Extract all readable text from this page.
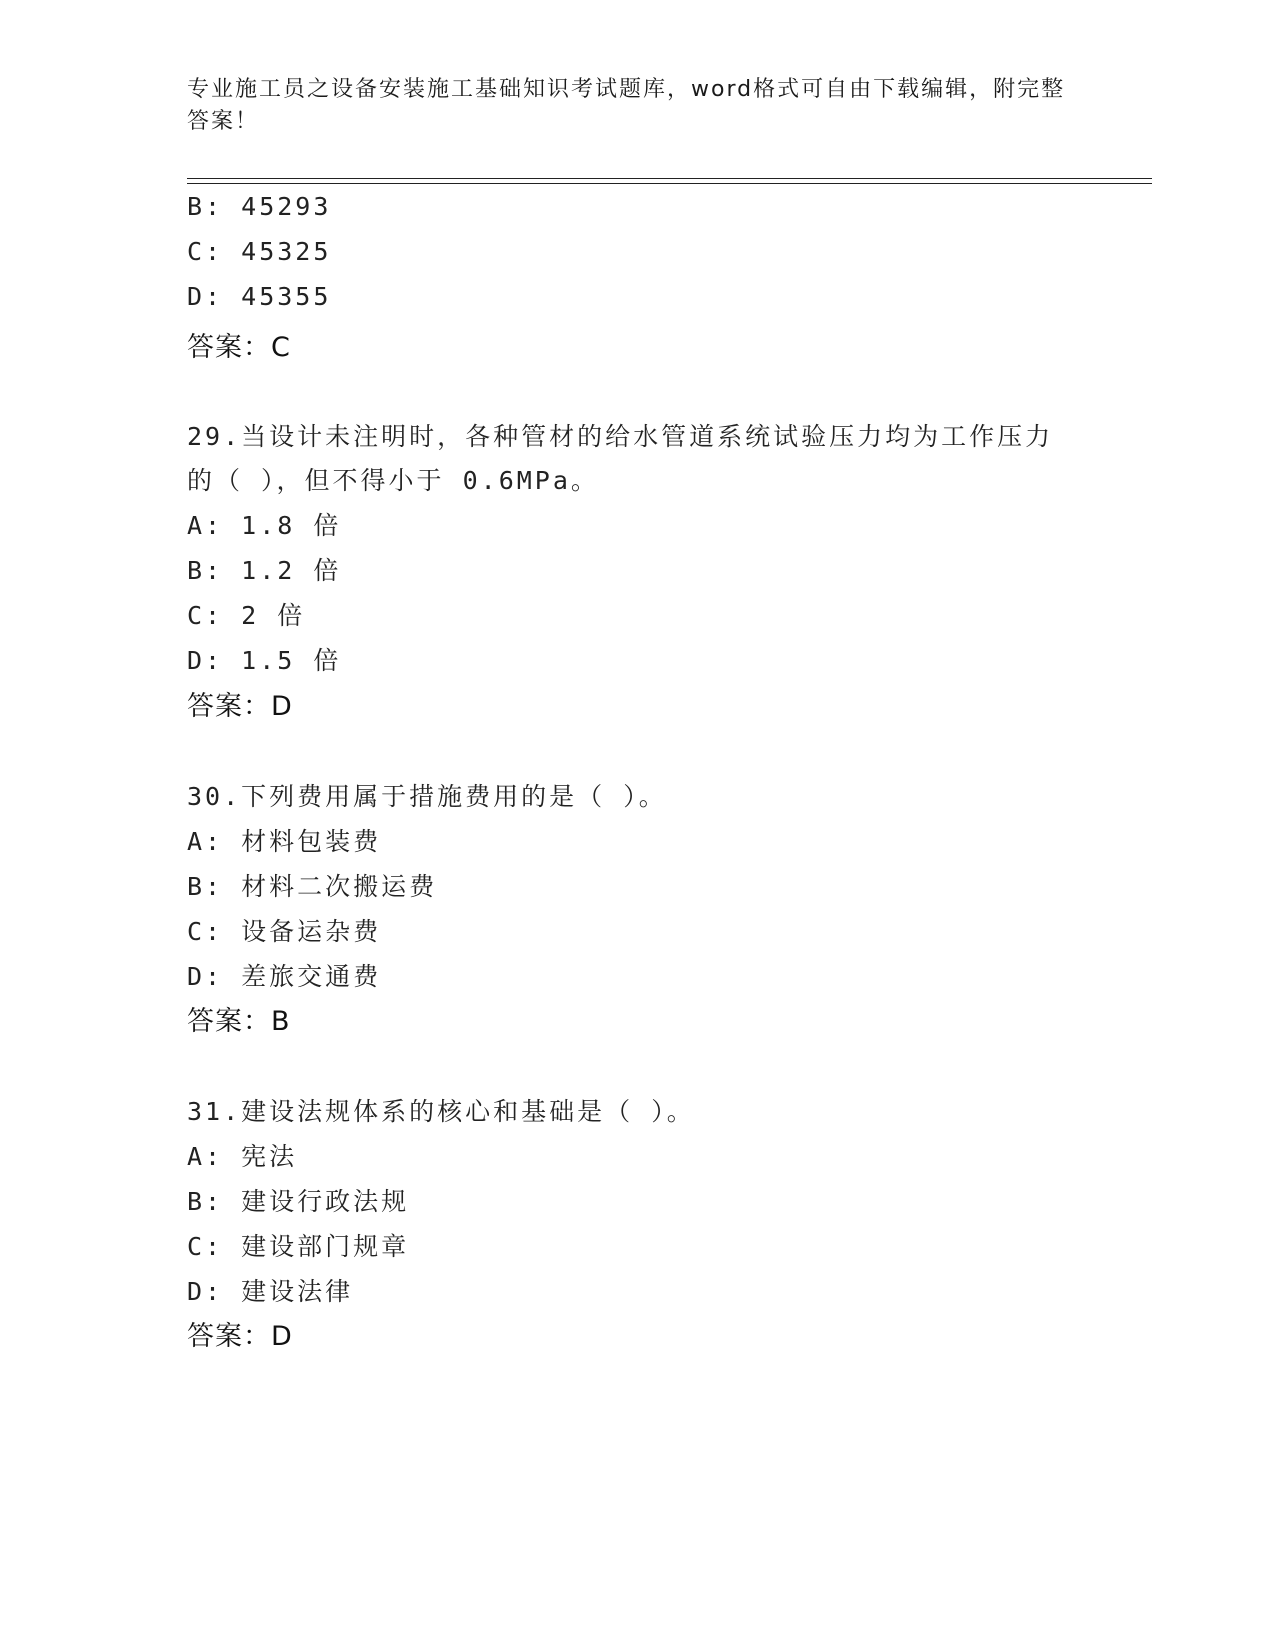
专业施工员之设备安装施工基础知识考试题库，word格式可自由下载编辑，附完整答案！
B: 45293
C: 45325
D: 45355
答案：C
29.当设计未注明时，各种管材的给水管道系统试验压力均为工作压力
的（ ），但不得小于 0.6MPa。
A: 1.8 倍
B: 1.2 倍
C: 2 倍
D: 1.5 倍
答案：D
30.下列费用属于措施费用的是（ ）。
A: 材料包装费
B: 材料二次搬运费
C: 设备运杂费
D: 差旅交通费
答案：B
31.建设法规体系的核心和基础是（ ）。
A: 宪法
B: 建设行政法规
C: 建设部门规章
D: 建设法律
答案：D
